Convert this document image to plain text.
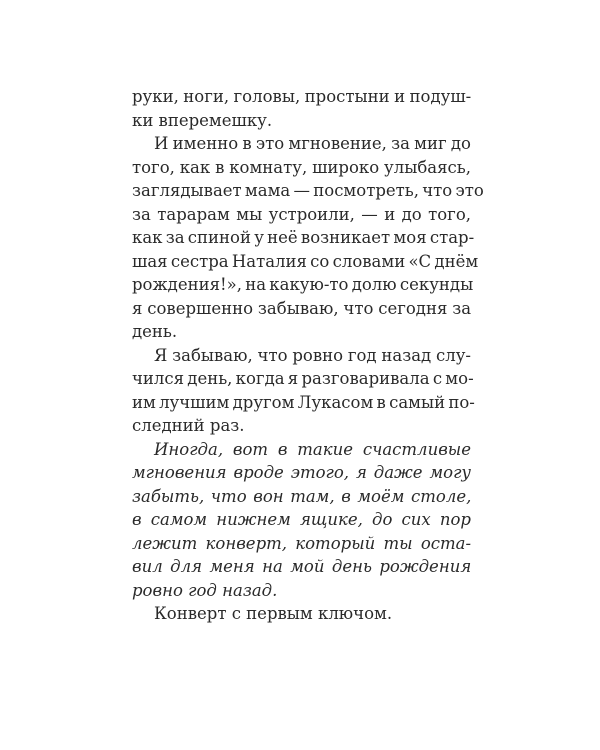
руки, ноги, головы, простыни и подуш-
ки вперемешку.

И именно в это мгновение, за миг до
того, как в комнату, широко улыбаясь,
заглядывает мама — посмотреть, что это
за тарарам мы устроили, — и до того,
как за спиной у неё возникает моя стар-
шая сестра Наталия со словами «С днём
рождения!», на какую-то долю секунды
я совершенно забываю, что сегодня за
день.

Я забываю, что ровно год назад слу-
чился день, когда я разговаривала с мо-
им лучшим другом Лукасом в самый по-
следний раз.

Иногда, вот в такие счастливые
мгновения вроде этого, я даже могу
забыть, что вон там, в моём столе,
в самом нижнем ящике, до сих пор
лежит конверт, который ты оста-
вил для меня на мой день рождения
ровно год назад.

Конверт с первым ключом.
